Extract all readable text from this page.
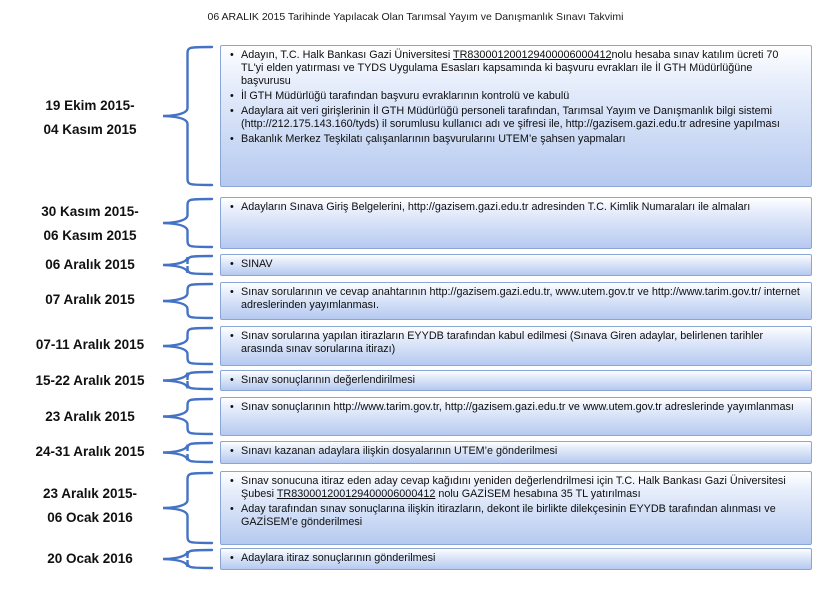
06 ARALIK 2015 Tarihinde Yapılacak Olan Tarımsal Yayım ve Danışmanlık Sınavı Takvimi
19 Ekim 2015-
04 Kasım 2015
• Adayın, T.C. Halk Bankası Gazi Üniversitesi TR830001200129400006000412nolu hesaba sınav katılım ücreti 70 TL'yi elden yatırması ve TYDS Uygulama Esasları kapsamında ki başvuru evrakları ile İl GTH Müdürlüğüne başvurusu
• İl GTH Müdürlüğü tarafından başvuru evraklarının kontrolü ve kabulü
• Adaylara ait veri girişlerinin İl GTH Müdürlüğü personeli tarafından, Tarımsal Yayım ve Danışmanlık bilgi sistemi (http://212.175.143.160/tyds) il sorumlusu kullanıcı adı ve şifresi ile, http://gazisem.gazi.edu.tr adresine yapılması
• Bakanlık Merkez Teşkilatı çalışanlarının başvurularını UTEM’e şahsen yapmaları
30 Kasım 2015-
06 Kasım 2015
• Adayların Sınava Giriş Belgelerini, http://gazisem.gazi.edu.tr adresinden T.C. Kimlik Numaraları ile almaları
06 Aralık 2015	• SINAV
07 Aralık 2015
• Sınav sorularının ve cevap anahtarının http://gazisem.gazi.edu.tr, www.utem.gov.tr ve http://www.tarim.gov.tr/ internet adreslerinden yayımlanması.
07-11 Aralık 2015
• Sınav sorularına yapılan itirazların EYYDB tarafından kabul edilmesi (Sınava Giren adaylar, belirlenen tarihler arasında sınav sorularına itirazı)
15-22 Aralık 2015	• Sınav sonuçlarının değerlendirilmesi
23 Aralık 2015
• Sınav sonuçlarının http://www.tarim.gov.tr, http://gazisem.gazi.edu.tr ve www.utem.gov.tr adreslerinde yayımlanması
24-31 Aralık 2015	• Sınavı kazanan adaylara ilişkin dosyalarının UTEM’e gönderilmesi
23 Aralık 2015-
06 Ocak 2016
• Sınav sonucuna itiraz eden aday cevap kağıdını yeniden değerlendrilmesi için T.C. Halk Bankası Gazi Üniversitesi Şubesi TR830001200129400006000412 nolu GAZİSEM hesabına 35 TL yatırılması
• Aday tarafından sınav sonuçlarına ilişkin itirazların, dekont ile birlikte dilekçesinin EYYDB tarafından alınması ve GAZİSEM’e gönderilmesi
20 Ocak 2016	• Adaylara itiraz sonuçlarının gönderilmesi
